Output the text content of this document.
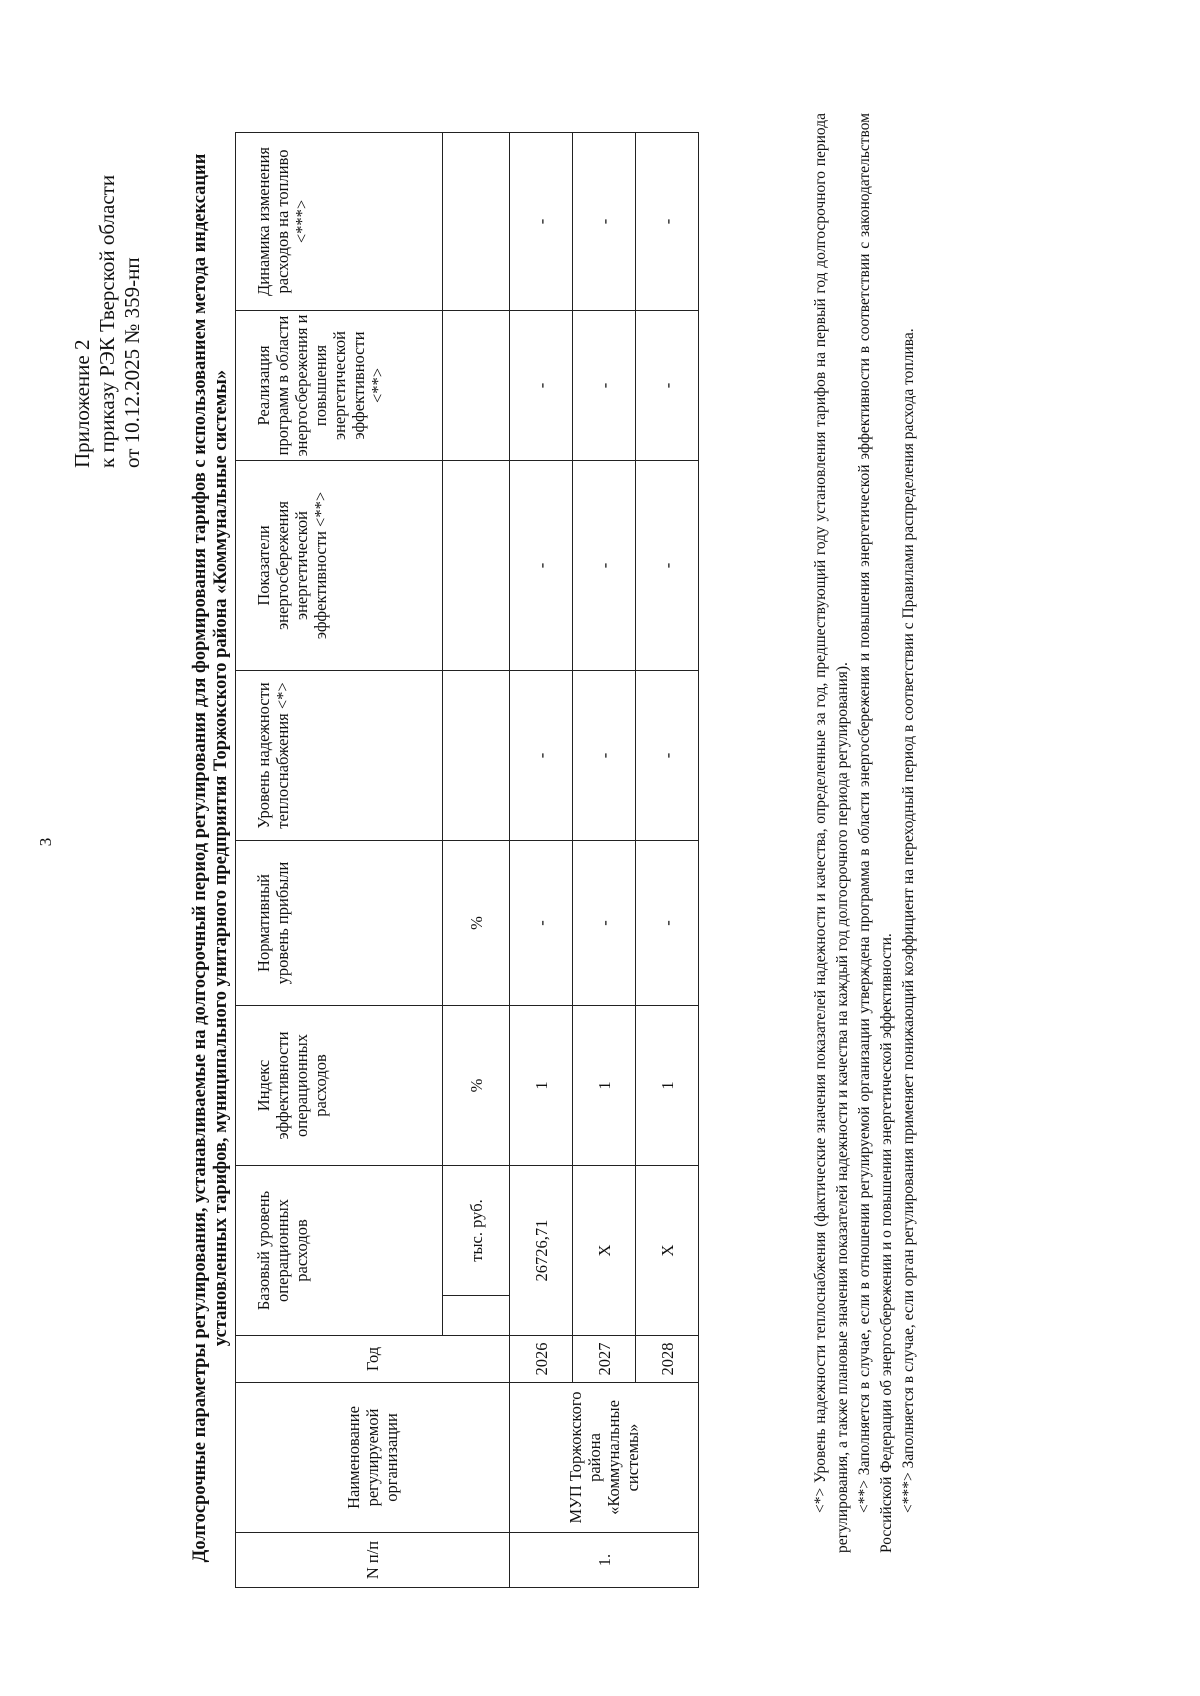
3
Приложение 2 к приказу РЭК Тверской области от 10.12.2025 № 359-нп Долгосрочные параметры регулирования, устанавливаемые на долгосрочный период регулирования для формирования тарифов с использованием метода индексации установленных тарифов, муниципального унитарного предприятия Торжокского района «Коммунальные системы»
N п/п	Наименование регулируемой организации	Год	Базовый уровень операционных расходов		Индекс эффективности операционных расходов	Нормативный уровень прибыли	Уровень надежности теплоснабжения <*>	Показатели энергосбережения энергетической эффективности <**>	Реализация программ в области энергосбережения и повышения энергетической эффективности <**>	Динамика изменения расходов на топливо <***>
				тыс. руб.	%	%				
1.	МУП Торжокского района «Коммунальные системы»	2026	26726,71		1	-	-	-	-	-
		2027	X		1	-	-	-	-	-
		2028	X		1	-	-	-	-	-	<*> Уровень надежности теплоснабжения (фактические значения показателей надежности и качества, определенные за год, предшествующий году установления тарифов на первый год долгосрочного периода регулирования, а также плановые значения показателей надежности и качества на каждый год долгосрочного периода регулирования). <**> Заполняется в случае, если в отношении регулируемой организации утверждена программа в области энергосбережения и повышения энергетической эффективности в соответствии с законодательством Российской Федерации об энергосбережении и о повышении энергетической эффективности. <***> Заполняется в случае, если орган регулирования применяет понижающий коэффициент на переходный период в соответствии с Правилами распределения расхода топлива.
